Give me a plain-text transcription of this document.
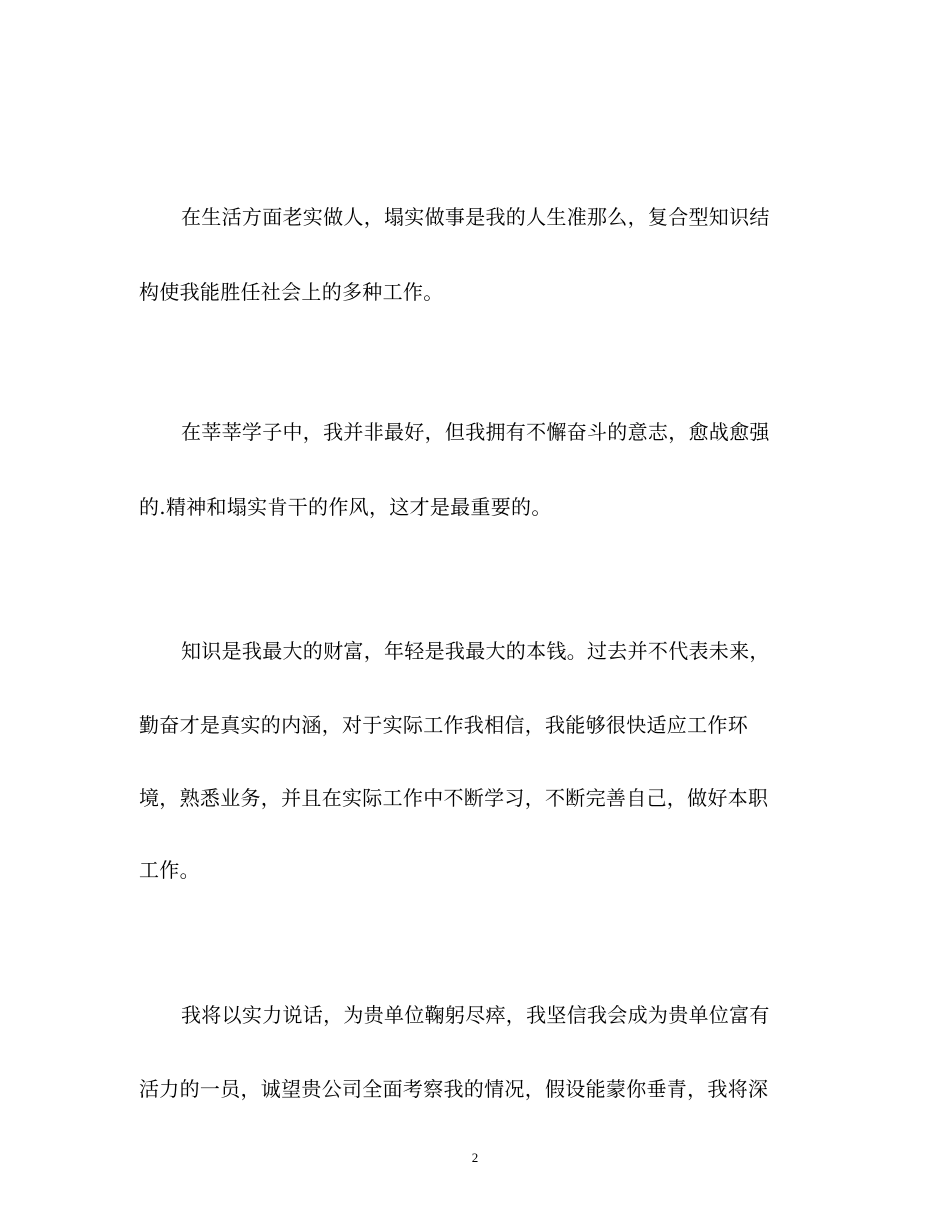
在生活方面老实做人，塌实做事是我的人生准那么，复合型知识结
构使我能胜任社会上的多种工作。
在莘莘学子中，我并非最好，但我拥有不懈奋斗的意志，愈战愈强
的.精神和塌实肯干的作风，这才是最重要的。
知识是我最大的财富，年轻是我最大的本钱。过去并不代表未来，
勤奋才是真实的内涵，对于实际工作我相信，我能够很快适应工作环
境，熟悉业务，并且在实际工作中不断学习，不断完善自己，做好本职
工作。
我将以实力说话，为贵单位鞠躬尽瘁，我坚信我会成为贵单位富有
活力的一员，诚望贵公司全面考察我的情况，假设能蒙你垂青，我将深
2
